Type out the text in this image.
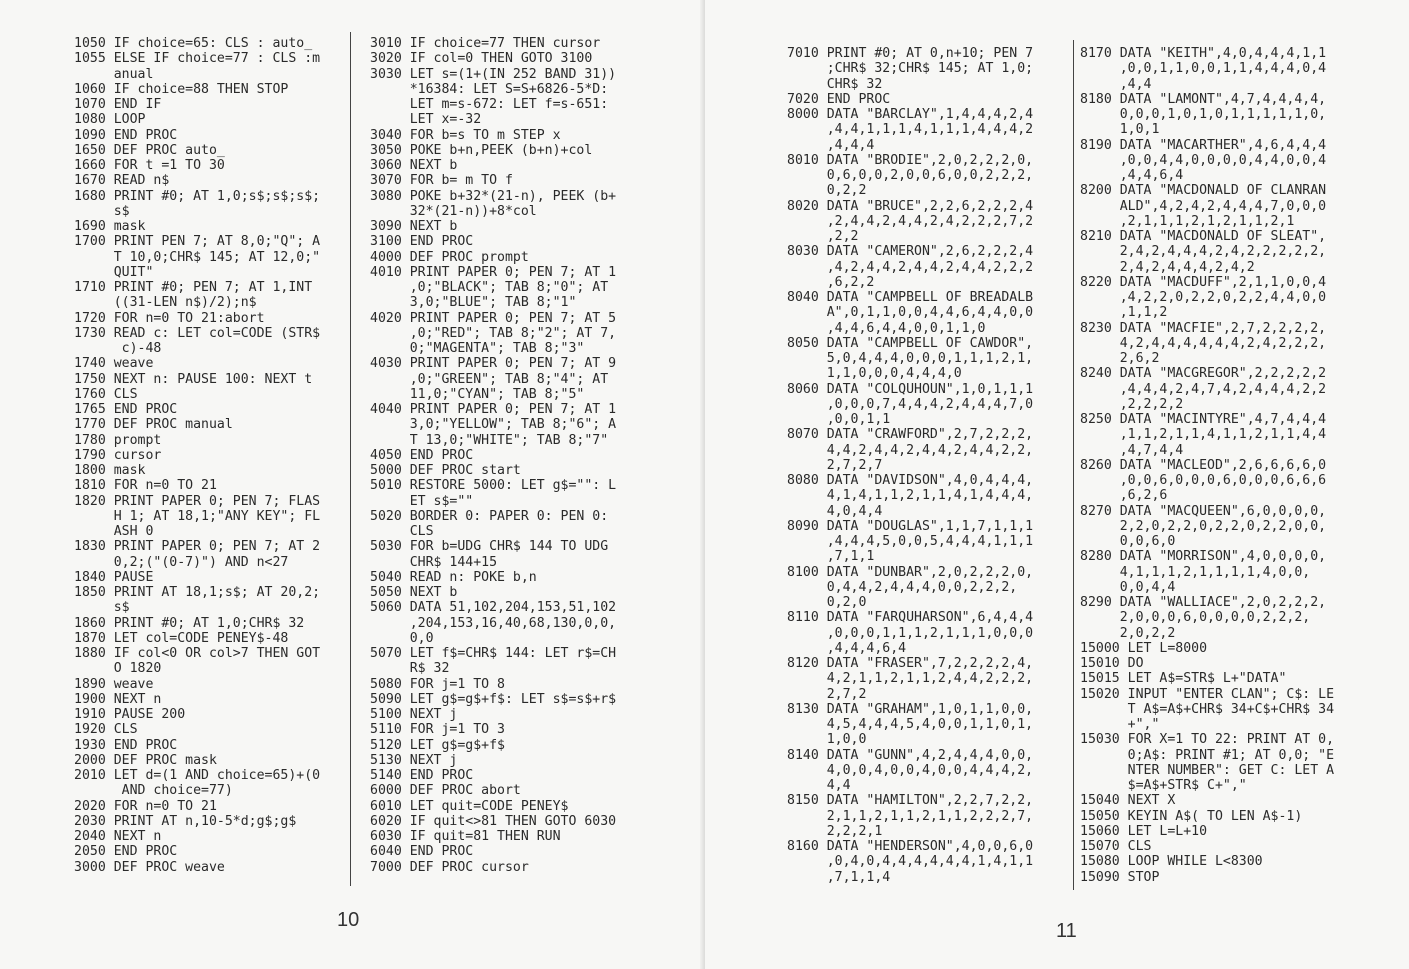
1050 IF choice=65: CLS : auto_
1055 ELSE IF choice=77 : CLS :m
anual
1060 IF choice=88 THEN STOP
1070 END IF
1080 LOOP
1090 END PROC
1650 DEF PROC auto_
1660 FOR t =1 TO 30
1670 READ n$
1680 PRINT #0; AT 1,0;s$;s$;s$;
s$
1690 mask
1700 PRINT PEN 7; AT 8,0;"Q"; A
T 10,0;CHR$ 145; AT 12,0;"
QUIT"
1710 PRINT #0; PEN 7; AT 1,INT
((31-LEN n$)/2);n$
1720 FOR n=0 TO 21:abort
1730 READ c: LET col=CODE (STR$
c)-48
1740 weave
1750 NEXT n: PAUSE 100: NEXT t
1760 CLS
1765 END PROC
1770 DEF PROC manual
1780 prompt
1790 cursor
1800 mask
1810 FOR n=0 TO 21
1820 PRINT PAPER 0; PEN 7; FLAS
H 1; AT 18,1;"ANY KEY"; FL
ASH 0
1830 PRINT PAPER 0; PEN 7; AT 2
0,2;("(0-7)") AND n<27
1840 PAUSE
1850 PRINT AT 18,1;s$; AT 20,2;
s$
1860 PRINT #0; AT 1,0;CHR$ 32
1870 LET col=CODE PENEY$-48
1880 IF col<0 OR col>7 THEN GOT
O 1820
1890 weave
1900 NEXT n
1910 PAUSE 200
1920 CLS
1930 END PROC
2000 DEF PROC mask
2010 LET d=(1 AND choice=65)+(0
AND choice=77)
2020 FOR n=0 TO 21
2030 PRINT AT n,10-5*d;g$;g$
2040 NEXT n
2050 END PROC
3000 DEF PROC weave
3010 IF choice=77 THEN cursor
3020 IF col=0 THEN GOTO 3100
3030 LET s=(1+(IN 252 BAND 31))
*16384: LET S=S+6826-5*D:
LET m=s-672: LET f=s-651:
LET x=-32
3040 FOR b=s TO m STEP x
3050 POKE b+n,PEEK (b+n)+col
3060 NEXT b
3070 FOR b= m TO f
3080 POKE b+32*(21-n), PEEK (b+
32*(21-n))+8*col
3090 NEXT b
3100 END PROC
4000 DEF PROC prompt
4010 PRINT PAPER 0; PEN 7; AT 1
,0;"BLACK"; TAB 8;"0"; AT
3,0;"BLUE"; TAB 8;"1"
4020 PRINT PAPER 0; PEN 7; AT 5
,0;"RED"; TAB 8;"2"; AT 7,
0;"MAGENTA"; TAB 8;"3"
4030 PRINT PAPER 0; PEN 7; AT 9
,0;"GREEN"; TAB 8;"4"; AT
11,0;"CYAN"; TAB 8;"5"
4040 PRINT PAPER 0; PEN 7; AT 1
3,0;"YELLOW"; TAB 8;"6"; A
T 13,0;"WHITE"; TAB 8;"7"
4050 END PROC
5000 DEF PROC start
5010 RESTORE 5000: LET g$="": L
ET s$=""
5020 BORDER 0: PAPER 0: PEN 0:
CLS
5030 FOR b=UDG CHR$ 144 TO UDG
CHR$ 144+15
5040 READ n: POKE b,n
5050 NEXT b
5060 DATA 51,102,204,153,51,102
,204,153,16,40,68,130,0,0,
0,0
5070 LET f$=CHR$ 144: LET r$=CH
R$ 32
5080 FOR j=1 TO 8
5090 LET g$=g$+f$: LET s$=s$+r$
5100 NEXT j
5110 FOR j=1 TO 3
5120 LET g$=g$+f$
5130 NEXT j
5140 END PROC
6000 DEF PROC abort
6010 LET quit=CODE PENEY$
6020 IF quit<>81 THEN GOTO 6030
6030 IF quit=81 THEN RUN
6040 END PROC
7000 DEF PROC cursor
10
7010 PRINT #0; AT 0,n+10; PEN 7
;CHR$ 32;CHR$ 145; AT 1,0;
CHR$ 32
7020 END PROC
8000 DATA "BARCLAY",1,4,4,4,2,4
,4,4,1,1,1,4,1,1,1,4,4,4,2
,4,4,4
8010 DATA "BRODIE",2,0,2,2,2,0,
0,6,0,0,2,0,0,6,0,0,2,2,2,
0,2,2
8020 DATA "BRUCE",2,2,6,2,2,2,4
,2,4,4,2,4,4,2,4,2,2,2,7,2
,2,2
8030 DATA "CAMERON",2,6,2,2,2,4
,4,2,4,4,2,4,4,2,4,4,2,2,2
,6,2,2
8040 DATA "CAMPBELL OF BREADALB
A",0,1,1,0,0,4,4,6,4,4,0,0
,4,4,6,4,4,0,0,1,1,0
8050 DATA "CAMPBELL OF CAWDOR",
5,0,4,4,4,0,0,0,1,1,1,2,1,
1,1,0,0,0,4,4,4,0
8060 DATA "COLQUHOUN",1,0,1,1,1
,0,0,0,7,4,4,4,2,4,4,4,7,0
,0,0,1,1
8070 DATA "CRAWFORD",2,7,2,2,2,
4,4,2,4,4,2,4,4,2,4,4,2,2,
2,7,2,7
8080 DATA "DAVIDSON",4,0,4,4,4,
4,1,4,1,1,2,1,1,4,1,4,4,4,
4,0,4,4
8090 DATA "DOUGLAS",1,1,7,1,1,1
,4,4,4,5,0,0,5,4,4,4,1,1,1
,7,1,1
8100 DATA "DUNBAR",2,0,2,2,2,0,
0,4,4,2,4,4,4,0,0,2,2,2,
0,2,0
8110 DATA "FARQUHARSON",6,4,4,4
,0,0,0,1,1,1,2,1,1,1,0,0,0
,4,4,4,6,4
8120 DATA "FRASER",7,2,2,2,2,4,
4,2,1,1,2,1,1,2,4,4,2,2,2,
2,7,2
8130 DATA "GRAHAM",1,0,1,1,0,0,
4,5,4,4,4,5,4,0,0,1,1,0,1,
1,0,0
8140 DATA "GUNN",4,2,4,4,4,0,0,
4,0,0,4,0,0,4,0,0,4,4,4,2,
4,4
8150 DATA "HAMILTON",2,2,7,2,2,
2,1,1,2,1,1,2,1,1,2,2,2,7,
2,2,2,1
8160 DATA "HENDERSON",4,0,0,6,0
,0,4,0,4,4,4,4,4,4,1,4,1,1
,7,1,1,4
8170 DATA "KEITH",4,0,4,4,4,1,1
,0,0,1,1,0,0,1,1,4,4,4,0,4
,4,4
8180 DATA "LAMONT",4,7,4,4,4,4,
0,0,0,1,0,1,0,1,1,1,1,1,0,
1,0,1
8190 DATA "MACARTHER",4,6,4,4,4
,0,0,4,4,0,0,0,0,4,4,0,0,4
,4,4,6,4
8200 DATA "MACDONALD OF CLANRAN
ALD",4,2,4,2,4,4,4,7,0,0,0
,2,1,1,1,2,1,2,1,1,2,1
8210 DATA "MACDONALD OF SLEAT",
2,4,2,4,4,4,2,4,2,2,2,2,2,
2,4,2,4,4,4,2,4,2
8220 DATA "MACDUFF",2,1,1,0,0,4
,4,2,2,0,2,2,0,2,2,4,4,0,0
,1,1,2
8230 DATA "MACFIE",2,7,2,2,2,2,
4,2,4,4,4,4,4,4,2,4,2,2,2,
2,6,2
8240 DATA "MACGREGOR",2,2,2,2,2
,4,4,4,2,4,7,4,2,4,4,4,2,2
,2,2,2,2
8250 DATA "MACINTYRE",4,7,4,4,4
,1,1,2,1,1,4,1,1,2,1,1,4,4
,4,7,4,4
8260 DATA "MACLEOD",2,6,6,6,6,0
,0,0,6,0,0,0,6,0,0,0,6,6,6
,6,2,6
8270 DATA "MACQUEEN",6,0,0,0,0,
2,2,0,2,2,0,2,2,0,2,2,0,0,
0,0,6,0
8280 DATA "MORRISON",4,0,0,0,0,
4,1,1,1,2,1,1,1,1,4,0,0,
0,0,4,4
8290 DATA "WALLIACE",2,0,2,2,2,
2,0,0,0,6,0,0,0,0,2,2,2,
2,0,2,2
15000 LET L=8000
15010 DO
15015 LET A$=STR$ L+"DATA"
15020 INPUT "ENTER CLAN"; C$: LE
T A$=A$+CHR$ 34+C$+CHR$ 34
+","
15030 FOR X=1 TO 22: PRINT AT 0,
0;A$: PRINT #1; AT 0,0; "E
NTER NUMBER": GET C: LET A
$=A$+STR$ C+","
15040 NEXT X
15050 KEYIN A$( TO LEN A$-1)
15060 LET L=L+10
15070 CLS
15080 LOOP WHILE L<8300
15090 STOP
11
